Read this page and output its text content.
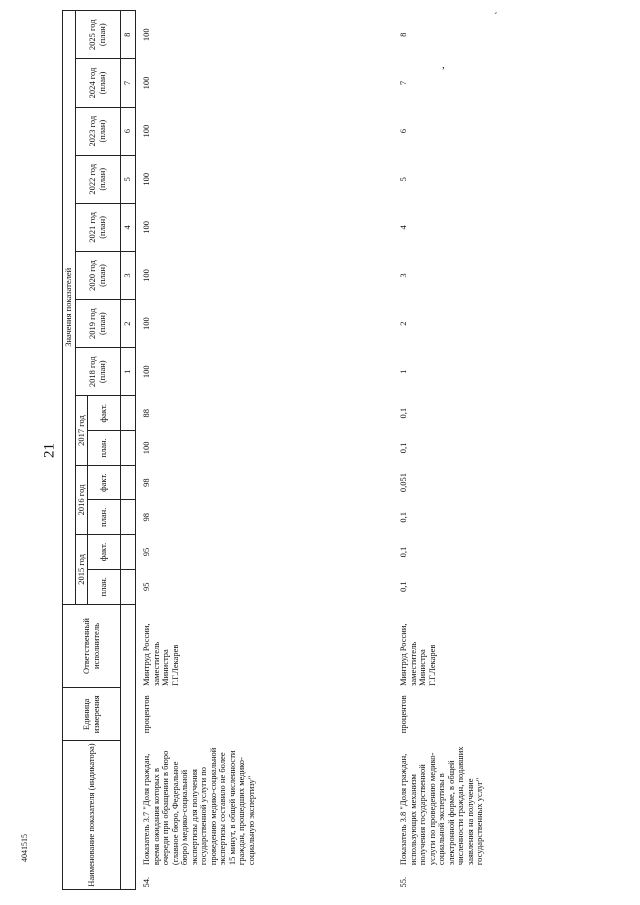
ˊ
,
21
4041515	Наименование показателя (индикатора)		Единица измерения	Ответственный исполнитель	Значения показателей													
				2015 год		2016 год		2017 год		2018 год (план)	2019 год (план)	2020 год (план)	2021 год (план)	2022 год (план)	2023 год (план)	2024 год (план)	2025 год (план)
				план.	факт.	план.	факт.	план.	факт.								
										1	2	3	4	5	6	7	8
54.	Показатель 3.7 "Доля граждан, время ожидания которых в очереди при обращении в бюро (главное бюро, Федеральное бюро) медико-социальной экспертизы для получения государственной услуги по проведению медико-социальной экспертизы составило не более 15 минут, в общей численности граждан, прошедших медико-социальную экспертизу"	процентов	Минтруд России, заместитель Министра Г.Г.Лекарев	95	95	98	98	100	88	100	100	100	100	100	100	100	100
55.	Показатель 3.8 "Доля граждан, использующих механизм получения государственной услуги по проведению медико-социальной экспертизы в электронной форме, в общей численности граждан, подавших заявления на получение государственных услуг"	процентов	Минтруд России, заместитель Министра Г.Г.Лекарев	0,1	0,1	0,1	0,051	0,1	0,1	1	2	3	4	5	6	7	8
